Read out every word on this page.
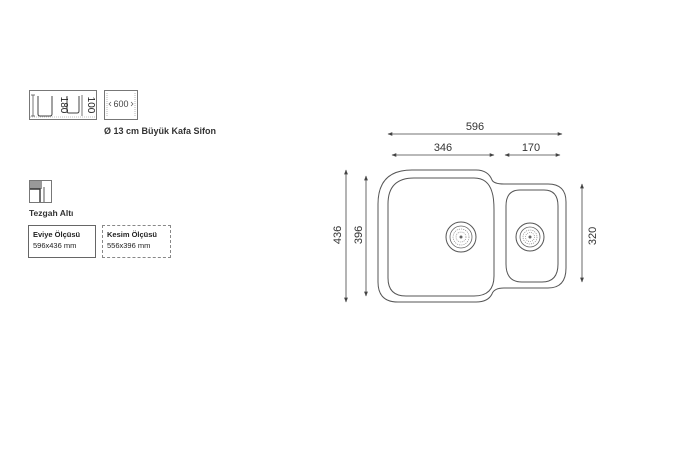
180 100 600
Ø 13 cm Büyük Kafa Sifon
Tezgah Altı
Eviye Ölçüsü
596x436 mm
Kesim Ölçüsü
556x396 mm
596
346	170
436 396	320
